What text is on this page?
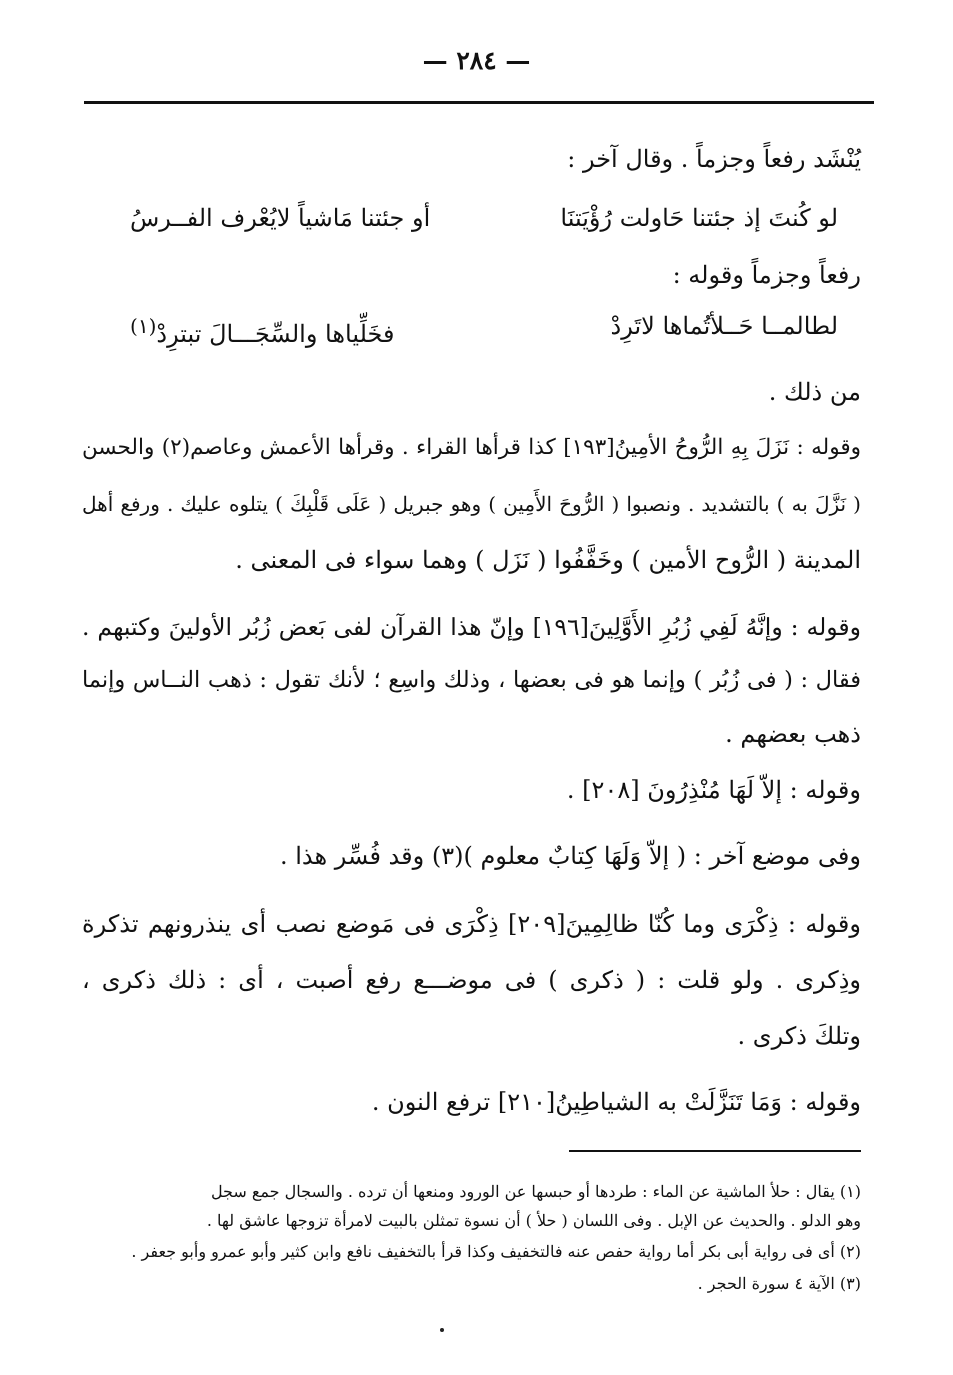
— ٢٨٤ —
يُنْشَد رفعاً وجزماً . وقال آخر :
لو كُنتَ إذ جئتنا حَاولت رُؤْيَتنَا
أو جئتنا مَاشياً لايُعْرف الفــرسُ
رفعاً وجزماً وقوله :
لطالمــا حَــلأتُماها لاتَرِدْ
فخَلِّياها والسِّجَـــالَ تبترِدْ$^{(١)}$
من ذلك .
وقوله : نَزَلَ بِهِ الرُّوحُ الأمِينُ[١٩٣] كذا قرأها القراء . وقرأها الأعمش وعاصم(٢) والحسن
( نَزَّلَ به ) بالتشديد . ونصبوا ( الرُّوحَ الأَمِين ) وهو جبريل ( عَلَى قَلْبِكَ ) يتلوه عليك . ورفع أهل
المدينة ( الرُّوح الأمين ) وخَفَّفُوا ( نَزَل ) وهما سواء فى المعنى .
وقوله : وإنَّهُ لَفِي زُبُرِ الأَوَّلِينَ[١٩٦] وإنّ هذا القرآن لفى بَعض زُبُر الأولينَ وكتبهم .
فقال : ( فى زُبُر ) وإنما هو فى بعضها ، وذلك واسِع ؛ لأنك تقول : ذهب النــاس وإنما
ذهب بعضهم .
وقوله : إلاّ لَهَا مُنْذِرُونَ [٢٠٨] .
وفى موضع آخر : ( إلاّ وَلَهَا كِتابٌ معلوم )(٣) وقد فُسِّر هذا .
وقوله : ذِكْرَى وما كُنّا ظالِمِينَ[٢٠٩] ذِكْرَى فى مَوضع نصب أى ينذرونهم تذكرة
وذِكرى . ولو قلت : ( ذكرى ) فى موضـــع رفع أصبت ، أى : ذلك ذكرى ،
وتلكَ ذكرى .
وقوله : وَمَا تَنَزَّلَتْ به الشياطِينُ[٢١٠] ترفع النون .
(١) يقال : حلأ الماشية عن الماء : طردها أو حبسها عن الورود ومنعها أن ترده . والسجال جمع سجل
وهو الدلو . والحديث عن الإبل . وفى اللسان ( حلأ ) أن نسوة تمثلن بالبيت لامرأة تزوجها عاشق لها .
(٢) أى فى رواية أبى بكر أما رواية حفص عنه فالتخفيف وكذا قرأ بالتخفيف نافع وابن كثير وأبو عمرو وأبو جعفر .
(٣) الآية ٤ سورة الحجر .
